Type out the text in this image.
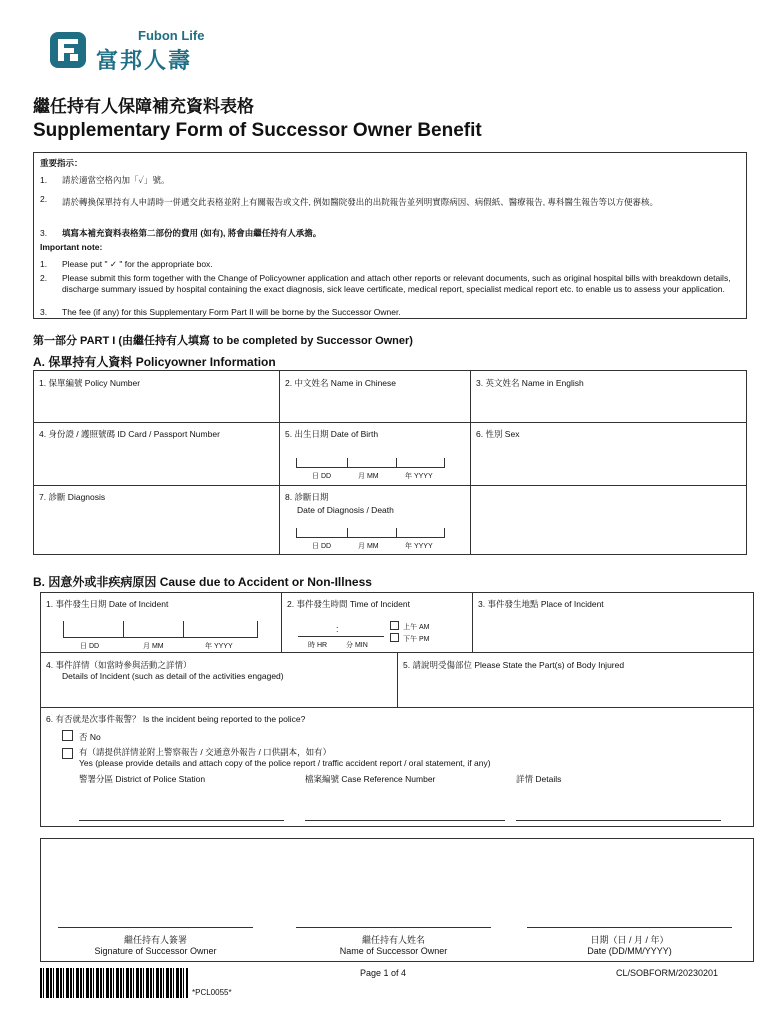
Fubon Life
富邦人壽
繼任持有人保障補充資料表格
Supplementary Form of Successor Owner Benefit
重要指示：
1. 請於適當空格內加「✓」號。
2. 請於轉換保單持有人申請時一併遞交此表格並附上有關報告或文件, 例如醫院發出的出院報告並列明實際病因、病假紙、醫療報告, 專科醫生報告等以方便審核。
3. 填寫本補充資料表格第二部份的費用 (如有), 將會由繼任持有人承擔。
Important note:
1. Please put " ✓ " for the appropriate box.
2. Please submit this form together with the Change of Policyowner application and attach other reports or relevant documents, such as original hospital bills with breakdown details, discharge summary issued by hospital containing the exact diagnosis, sick leave certificate, medical report, specialist medical report etc. to enable us to assess your application.
3. The fee (if any) for this Supplementary Form Part II will be borne by the Successor Owner.
第一部分 PART I (由繼任持有人填寫 to be completed by Successor Owner)
A. 保單持有人資料 Policyowner Information
1. 保單編號 Policy Number	2. 中文姓名 Name in Chinese	3. 英文姓名 Name in English
4. 身份證 / 護照號碼 ID Card / Passport Number	5. 出生日期 Date of Birth	6. 性別 Sex
日 DD	月 MM	年 YYYY
7. 診斷 Diagnosis	8. 診斷日期
Date of Diagnosis / Death
日 DD	月 MM	年 YYYY
B. 因意外或非疾病原因 Cause due to Accident or Non-Illness
1. 事件發生日期 Date of Incident	2. 事件發生時間 Time of Incident	3. 事件發生地點 Place of Incident
日 DD	月 MM	年 YYYY
:
時 HR	分 MIN
上午 AM
下午 PM
4. 事件詳情（如當時參與活動之詳情）
Details of Incident (such as detail of the activities engaged)
5. 請說明受傷部位 Please State the Part(s) of Body Injured
6. 有否就是次事件報警？ Is the incident being reported to the police?
否 No
有（請提供詳情並附上警察報告 / 交通意外報告 / 口供副本，如有）
Yes (please provide details and attach copy of the police report / traffic accident report / oral statement, if any)
警署分區 District of Police Station	檔案編號 Case Reference Number	詳情 Details
繼任持有人簽署
Signature of Successor Owner
繼任持有人姓名
Name of Successor Owner
日期（日 / 月 / 年）
Date (DD/MM/YYYY)
*PCL0055*
Page 1 of 4	CL/SOBFORM/20230201
